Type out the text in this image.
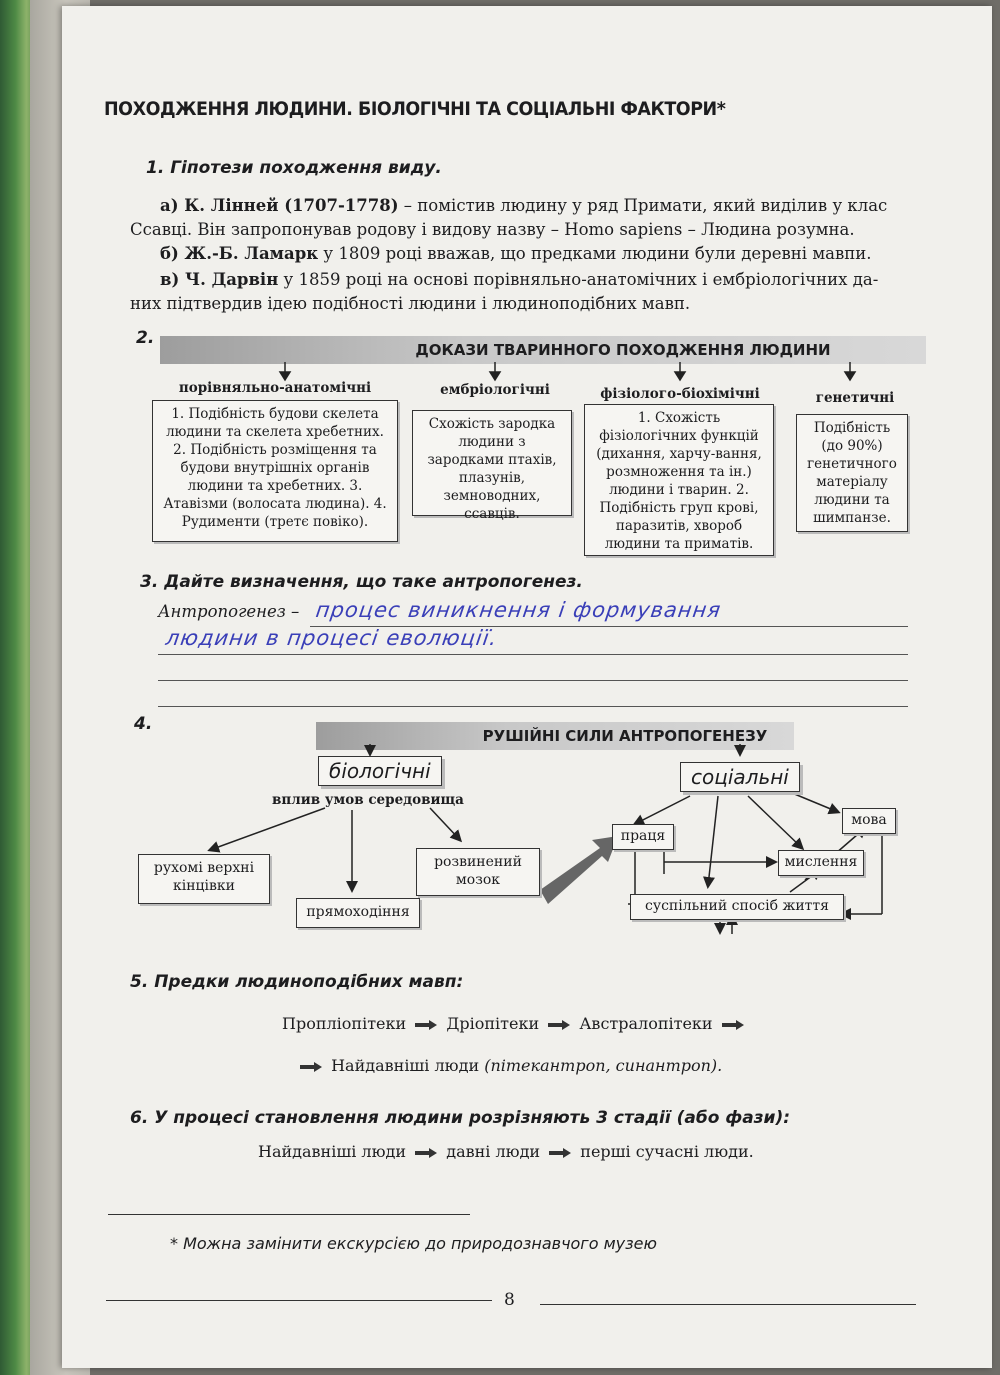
ПОХОДЖЕННЯ ЛЮДИНИ. БІОЛОГІЧНІ ТА СОЦІАЛЬНІ ФАКТОРИ*
1. Гіпотези походження виду.
а) К. Лінней (1707-1778) – помістив людину у ряд Примати, який виділив у клас
Ссавці. Він запропонував родову і видову назву – Homo sapiens – Людина розумна.
б) Ж.-Б. Ламарк у 1809 році вважав, що предками людини були деревні мавпи.
в) Ч. Дарвін у 1859 році на основі порівняльно-анатомічних і ембріологічних да-
них підтвердив ідею подібності людини і людиноподібних мавп.
2.
ДОКАЗИ ТВАРИННОГО ПОХОДЖЕННЯ ЛЮДИНИ
порівняльно-анатомічні	ембріологічні	фізіолого-біохімічні	генетичні
1. Подібність будови скелета людини та скелета хребетних. 2. Подібність розміщення та будови внутрішніх органів людини та хребетних. 3. Атавізми (волосата людина). 4. Рудименти (третє повіко).
Схожість зародка людини з зародками птахів, плазунів, земноводних, ссавців.
1. Схожість фізіологічних функцій (дихання, харчу-вання, розмноження та ін.) людини і тварин. 2. Подібність груп крові, паразитів, хвороб людини та приматів.
Подібність (до 90%) генетичного матеріалу людини та шимпанзе.
3. Дайте визначення, що таке антропогенез.
Антропогенез – процес виникнення і формування
людини в процесі еволюції.
4.
РУШІЙНІ СИЛИ АНТРОПОГЕНЕЗУ
біологічні
вплив умов середовища
соціальні
рухомі верхні кінцівки
прямоходіння
розвинений мозок
праця
мова
мислення
суспільний спосіб життя
5. Предки людиноподібних мавп:
Пропліопітеки	Дріопітеки	Австралопітеки
Найдавніші люди (пітекантроп, синантроп).
6. У процесі становлення людини розрізняють 3 стадії (або фази):
Найдавніші люди	давні люди	перші сучасні люди.
* Можна замінити екскурсією до природознавчого музею
8
